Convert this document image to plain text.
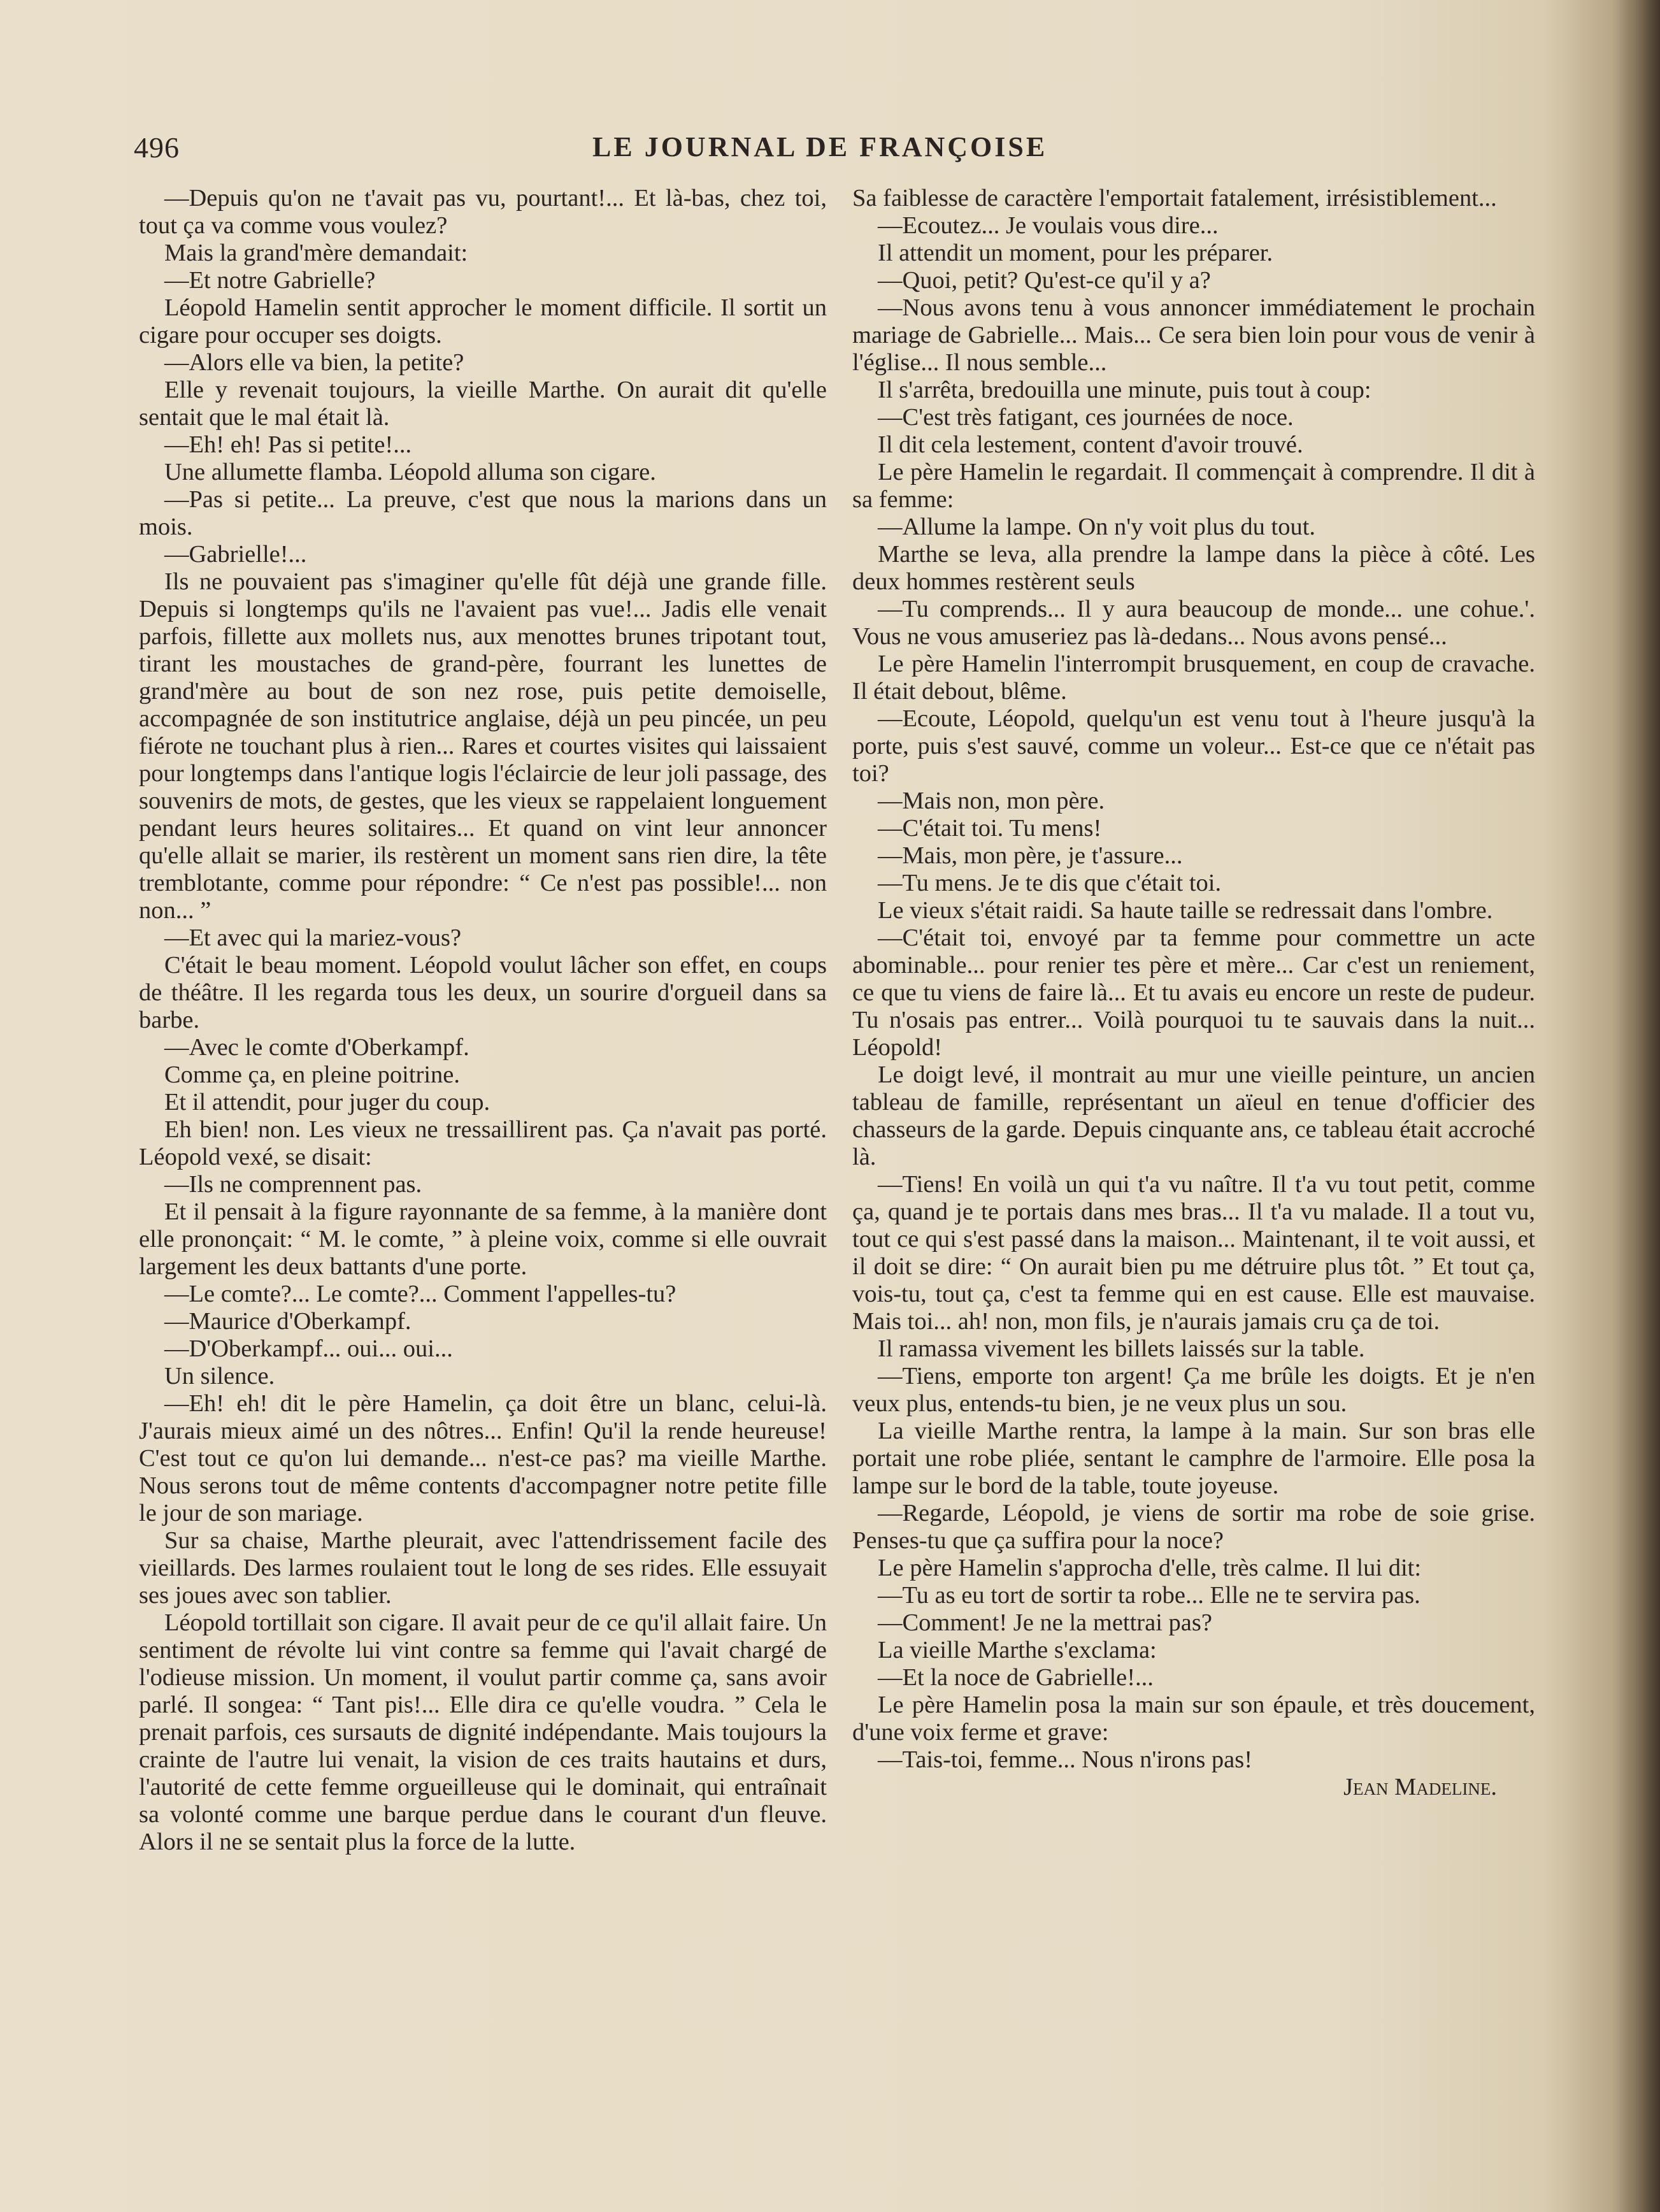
496	LE JOURNAL DE FRANÇOISE

—Depuis qu'on ne t'avait pas vu, pourtant!... Et là-bas, chez toi, tout ça va comme vous voulez?

Mais la grand'mère demandait:

—Et notre Gabrielle?

Léopold Hamelin sentit approcher le moment difficile. Il sortit un cigare pour occuper ses doigts.

—Alors elle va bien, la petite?

Elle y revenait toujours, la vieille Marthe. On aurait dit qu'elle sentait que le mal était là.

—Eh! eh! Pas si petite!...

Une allumette flamba. Léopold alluma son cigare.

—Pas si petite... La preuve, c'est que nous la marions dans un mois.

—Gabrielle!...

Ils ne pouvaient pas s'imaginer qu'elle fût déjà une grande fille. Depuis si longtemps qu'ils ne l'avaient pas vue!... Jadis elle venait parfois, fillette aux mollets nus, aux menottes brunes tripotant tout, tirant les moustaches de grand-père, fourrant les lunettes de grand'mère au bout de son nez rose, puis petite demoiselle, accompagnée de son institutrice anglaise, déjà un peu pincée, un peu fiérote ne touchant plus à rien... Rares et courtes visites qui laissaient pour longtemps dans l'antique logis l'éclaircie de leur joli passage, des souvenirs de mots, de gestes, que les vieux se rappelaient longuement pendant leurs heures solitaires... Et quand on vint leur annoncer qu'elle allait se marier, ils restèrent un moment sans rien dire, la tête tremblotante, comme pour répondre: “ Ce n'est pas possible!... non non... ”

—Et avec qui la mariez-vous?

C'était le beau moment. Léopold voulut lâcher son effet, en coups de théâtre. Il les regarda tous les deux, un sourire d'orgueil dans sa barbe.

—Avec le comte d'Oberkampf.

Comme ça, en pleine poitrine.

Et il attendit, pour juger du coup.

Eh bien! non. Les vieux ne tressaillirent pas. Ça n'avait pas porté. Léopold vexé, se disait:

—Ils ne comprennent pas.

Et il pensait à la figure rayonnante de sa femme, à la manière dont elle prononçait: “ M. le comte, ” à pleine voix, comme si elle ouvrait largement les deux battants d'une porte.

—Le comte?... Le comte?... Comment l'appelles-tu?

—Maurice d'Oberkampf.

—D'Oberkampf... oui... oui...

Un silence.

—Eh! eh! dit le père Hamelin, ça doit être un blanc, celui-là. J'aurais mieux aimé un des nôtres... Enfin! Qu'il la rende heureuse! C'est tout ce qu'on lui demande... n'est-ce pas? ma vieille Marthe. Nous serons tout de même contents d'accompagner notre petite fille le jour de son mariage.

Sur sa chaise, Marthe pleurait, avec l'attendrissement facile des vieillards. Des larmes roulaient tout le long de ses rides. Elle essuyait ses joues avec son tablier.

Léopold tortillait son cigare. Il avait peur de ce qu'il allait faire. Un sentiment de révolte lui vint contre sa femme qui l'avait chargé de l'odieuse mission. Un moment, il voulut partir comme ça, sans avoir parlé. Il songea: “ Tant pis!... Elle dira ce qu'elle voudra. ” Cela le prenait parfois, ces sursauts de dignité indépendante. Mais toujours la crainte de l'autre lui venait, la vision de ces traits hautains et durs, l'autorité de cette femme orgueilleuse qui le dominait, qui entraînait sa volonté comme une barque perdue dans le courant d'un fleuve. Alors il ne se sentait plus la force de la lutte.

Sa faiblesse de caractère l'emportait fatalement, irrésistiblement...

—Ecoutez... Je voulais vous dire...

Il attendit un moment, pour les préparer.

—Quoi, petit? Qu'est-ce qu'il y a?

—Nous avons tenu à vous annoncer immédiatement le prochain mariage de Gabrielle... Mais... Ce sera bien loin pour vous de venir à l'église... Il nous semble...

Il s'arrêta, bredouilla une minute, puis tout à coup:

—C'est très fatigant, ces journées de noce.

Il dit cela lestement, content d'avoir trouvé.

Le père Hamelin le regardait. Il commençait à comprendre. Il dit à sa femme:

—Allume la lampe. On n'y voit plus du tout.

Marthe se leva, alla prendre la lampe dans la pièce à côté. Les deux hommes restèrent seuls

—Tu comprends... Il y aura beaucoup de monde... une cohue.'. Vous ne vous amuseriez pas là-dedans... Nous avons pensé...

Le père Hamelin l'interrompit brusquement, en coup de cravache. Il était debout, blême.

—Ecoute, Léopold, quelqu'un est venu tout à l'heure jusqu'à la porte, puis s'est sauvé, comme un voleur... Est-ce que ce n'était pas toi?

—Mais non, mon père.

—C'était toi. Tu mens!

—Mais, mon père, je t'assure...

—Tu mens. Je te dis que c'était toi.

Le vieux s'était raidi. Sa haute taille se redressait dans l'ombre.

—C'était toi, envoyé par ta femme pour commettre un acte abominable... pour renier tes père et mère... Car c'est un reniement, ce que tu viens de faire là... Et tu avais eu encore un reste de pudeur. Tu n'osais pas entrer... Voilà pourquoi tu te sauvais dans la nuit... Léopold!

Le doigt levé, il montrait au mur une vieille peinture, un ancien tableau de famille, représentant un aïeul en tenue d'officier des chasseurs de la garde. Depuis cinquante ans, ce tableau était accroché là.

—Tiens! En voilà un qui t'a vu naître. Il t'a vu tout petit, comme ça, quand je te portais dans mes bras... Il t'a vu malade. Il a tout vu, tout ce qui s'est passé dans la maison... Maintenant, il te voit aussi, et il doit se dire: “ On aurait bien pu me détruire plus tôt. ” Et tout ça, vois-tu, tout ça, c'est ta femme qui en est cause. Elle est mauvaise. Mais toi... ah! non, mon fils, je n'aurais jamais cru ça de toi.

Il ramassa vivement les billets laissés sur la table.

—Tiens, emporte ton argent! Ça me brûle les doigts. Et je n'en veux plus, entends-tu bien, je ne veux plus un sou.

La vieille Marthe rentra, la lampe à la main. Sur son bras elle portait une robe pliée, sentant le camphre de l'armoire. Elle posa la lampe sur le bord de la table, toute joyeuse.

—Regarde, Léopold, je viens de sortir ma robe de soie grise. Penses-tu que ça suffira pour la noce?

Le père Hamelin s'approcha d'elle, très calme. Il lui dit:

—Tu as eu tort de sortir ta robe... Elle ne te servira pas.

—Comment! Je ne la mettrai pas?

La vieille Marthe s'exclama:

—Et la noce de Gabrielle!...

Le père Hamelin posa la main sur son épaule, et très doucement, d'une voix ferme et grave:

—Tais-toi, femme... Nous n'irons pas!

Jean Madeline.
